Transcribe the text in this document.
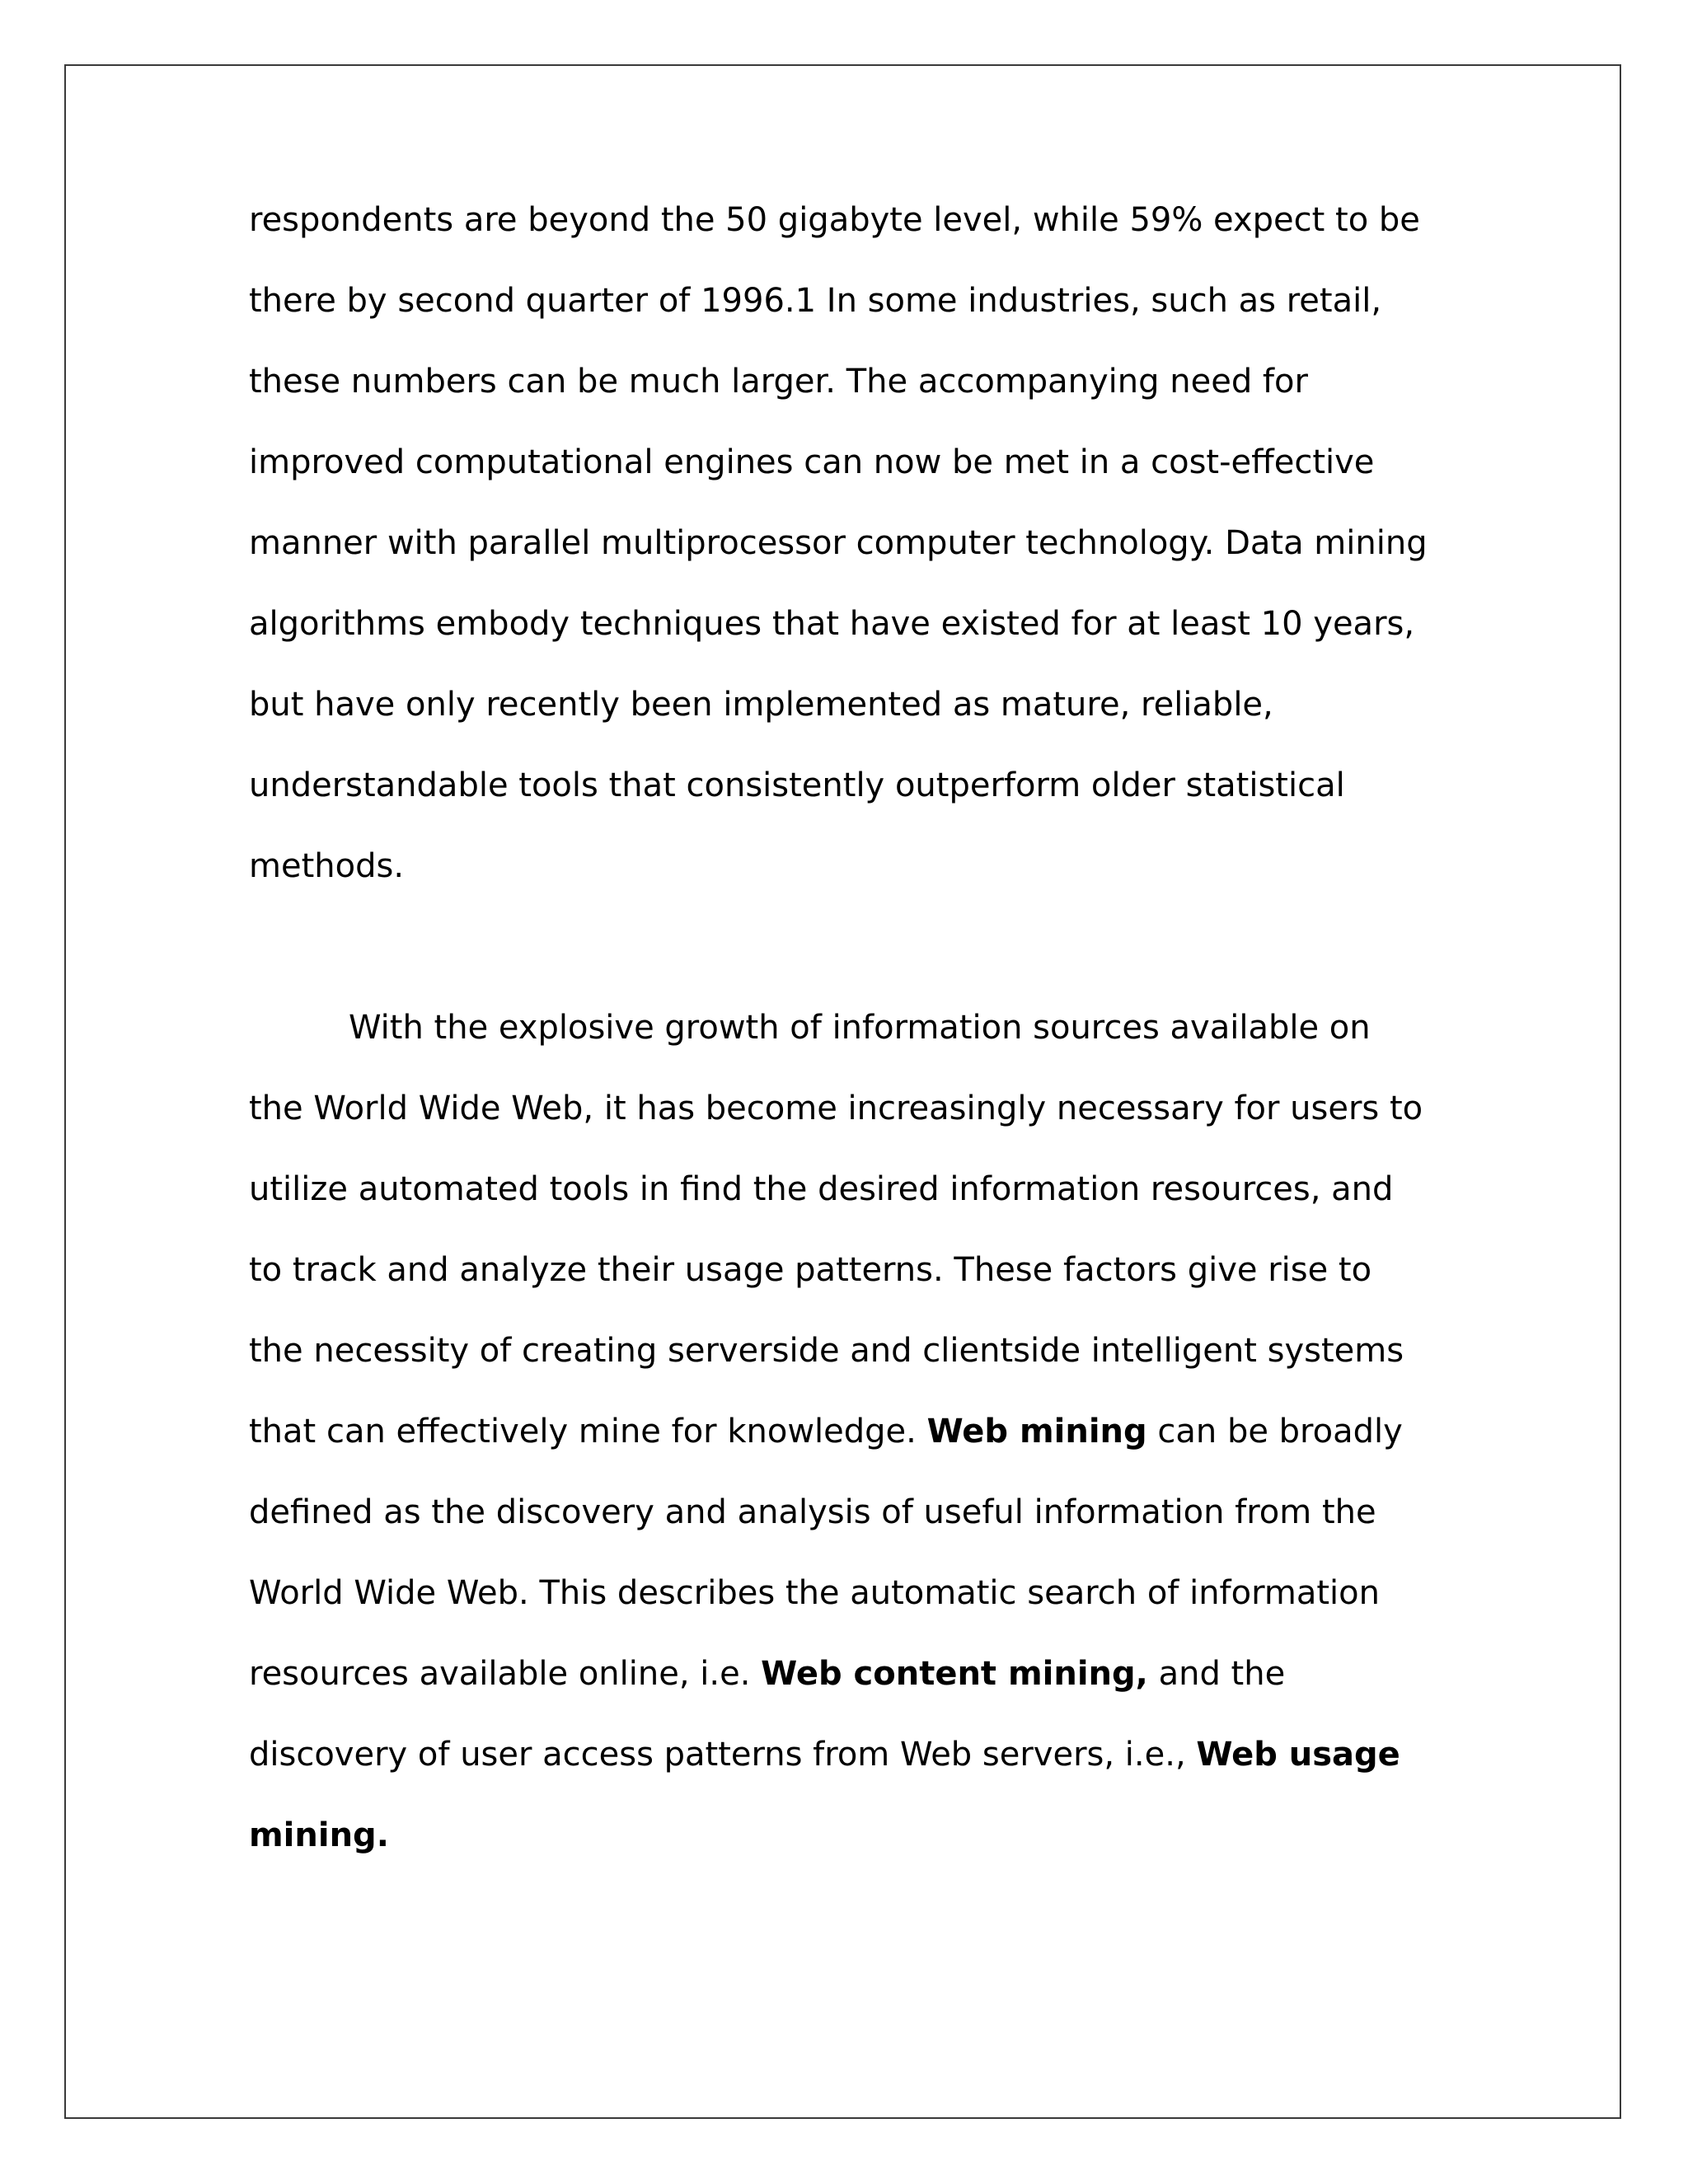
respondents are beyond the 50 gigabyte level, while 59% expect to be
there by second quarter of 1996.1 In some industries, such as retail,
these numbers can be much larger. The accompanying need for
improved computational engines can now be met in a cost-effective
manner with parallel multiprocessor computer technology. Data mining
algorithms embody techniques that have existed for at least 10 years,
but have only recently been implemented as mature, reliable,
understandable tools that consistently outperform older statistical
methods.
With the explosive growth of information sources available on
the World Wide Web, it has become increasingly necessary for users to
utilize automated tools in find the desired information resources, and
to track and analyze their usage patterns. These factors give rise to
the necessity of creating serverside and clientside intelligent systems
that can effectively mine for knowledge. Web mining can be broadly
defined as the discovery and analysis of useful information from the
World Wide Web. This describes the automatic search of information
resources available online, i.e. Web content mining, and the
discovery of user access patterns from Web servers, i.e., Web usage
mining.
